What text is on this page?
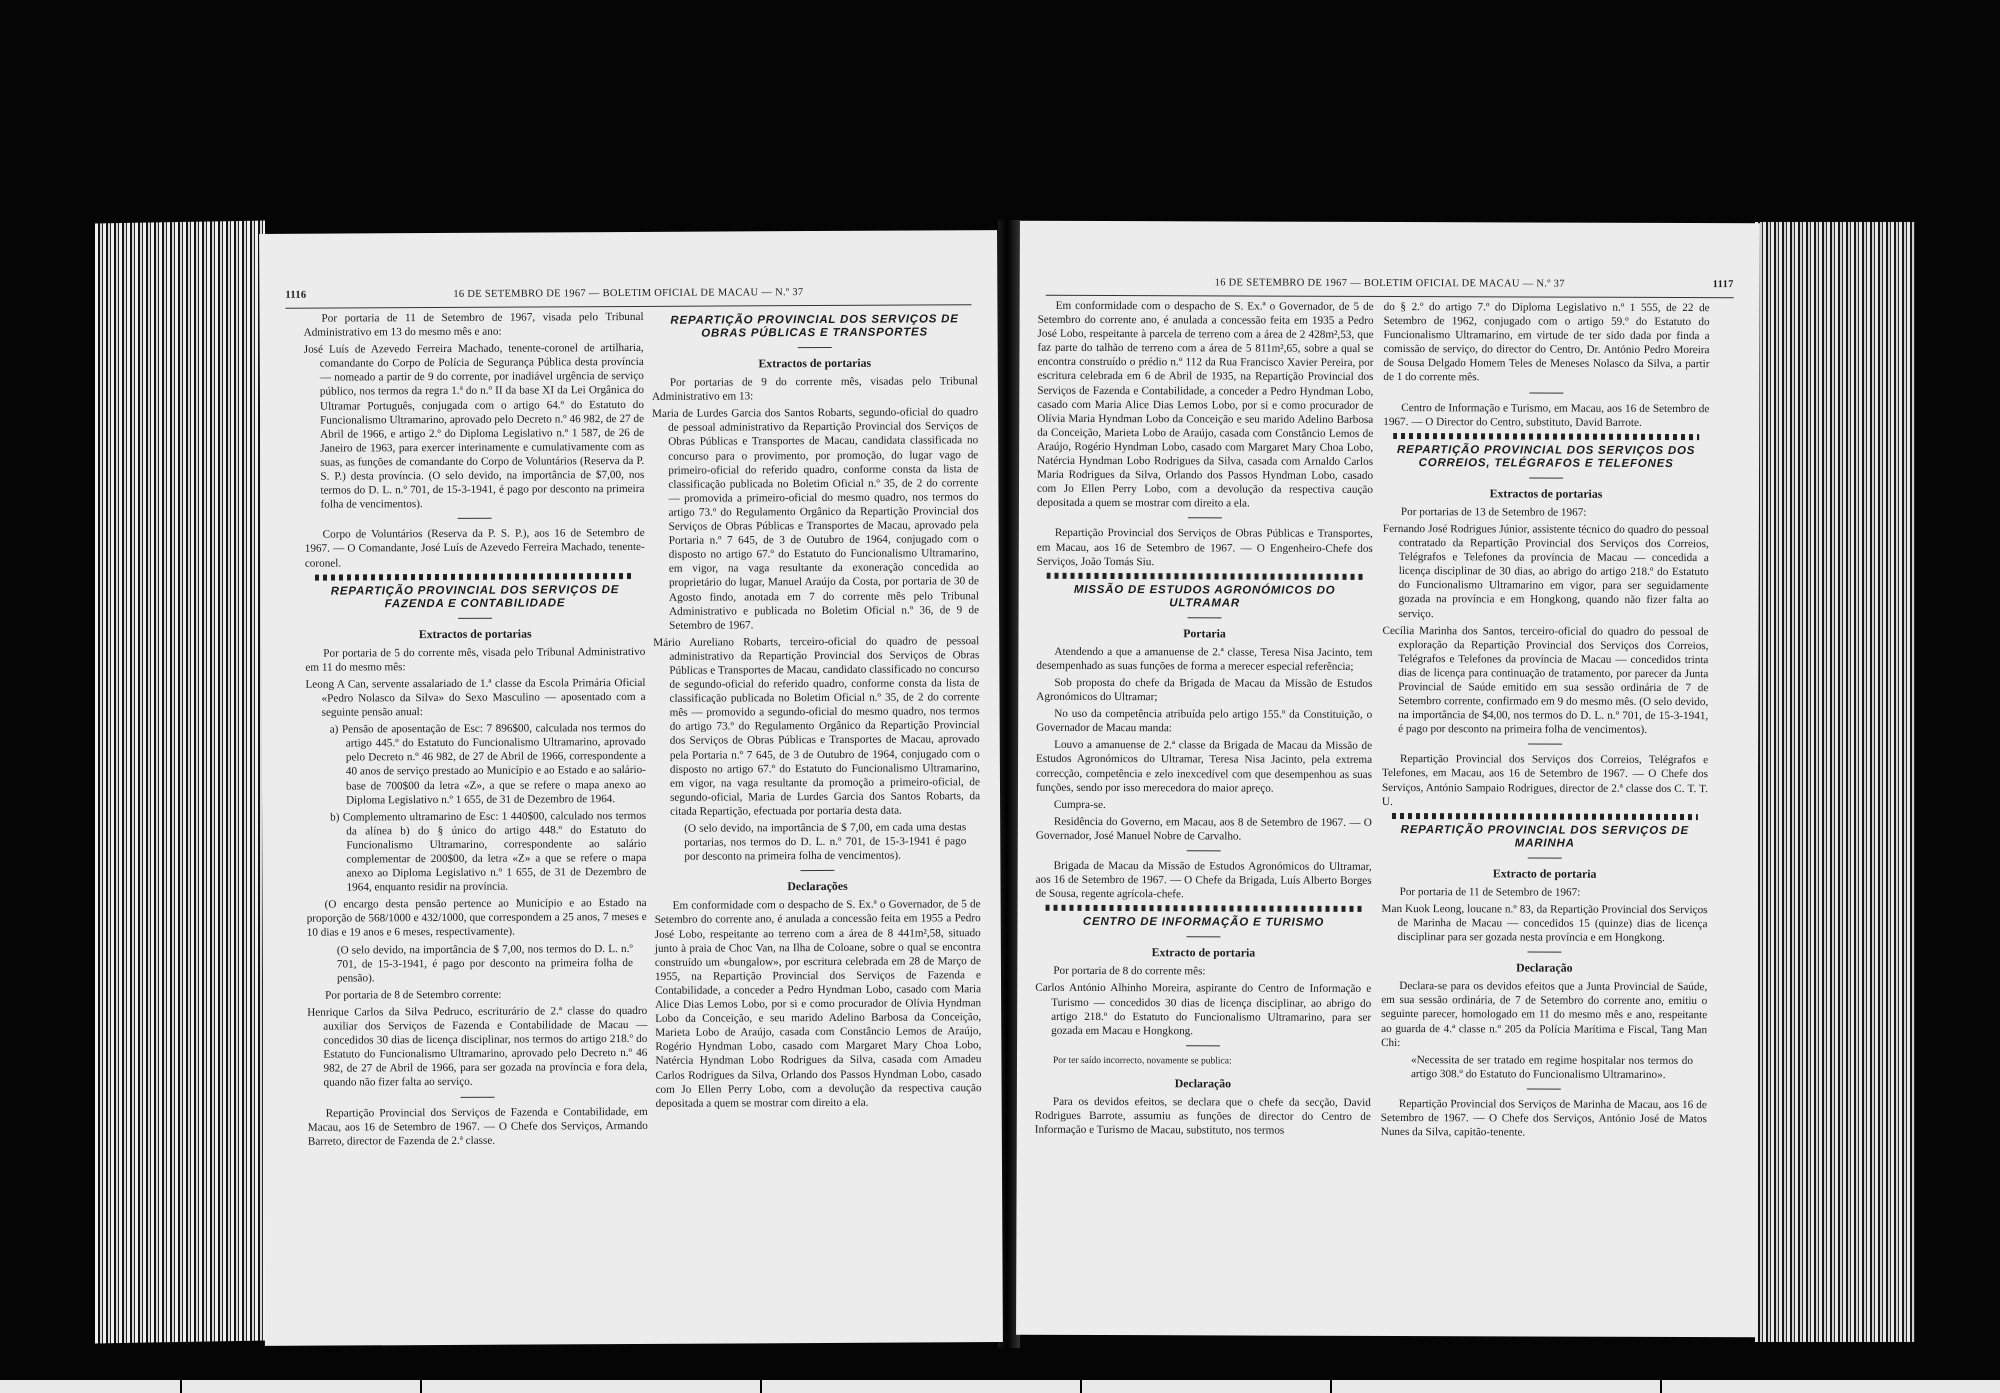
1116	16 DE SETEMBRO DE 1967 — BOLETIM OFICIAL DE MACAU — N.º 37

Por portaria de 11 de Setembro de 1967, visada pelo Tribunal Administrativo em 13 do mesmo mês e ano:

José Luís de Azevedo Ferreira Machado, tenente-coronel de artilharia, comandante do Corpo de Polícia de Segurança Pública desta província — nomeado a partir de 9 do corrente, por inadiável urgência de serviço público, nos termos da regra 1.ª do n.º II da base XI da Lei Orgânica do Ultramar Português, conjugada com o artigo 64.º do Estatuto do Funcionalismo Ultramarino, aprovado pelo Decreto n.º 46 982, de 27 de Abril de 1966, e artigo 2.º do Diploma Legislativo n.º 1 587, de 26 de Janeiro de 1963, para exercer interinamente e cumulativamente com as suas, as funções de comandante do Corpo de Voluntários (Reserva da P. S. P.) desta província. (O selo devido, na importância de $7,00, nos termos do D. L. n.º 701, de 15-3-1941, é pago por desconto na primeira folha de vencimentos).

Corpo de Voluntários (Reserva da P. S. P.), aos 16 de Setembro de 1967. — O Comandante, José Luís de Azevedo Ferreira Machado, tenente-coronel.

REPARTIÇÃO PROVINCIAL DOS SERVIÇOS DE FAZENDA E CONTABILIDADE
Extractos de portarias

Por portaria de 5 do corrente mês, visada pelo Tribunal Administrativo em 11 do mesmo mês:

Leong A Can, servente assalariado de 1.ª classe da Escola Primária Oficial «Pedro Nolasco da Silva» do Sexo Masculino — aposentado com a seguinte pensão anual:

a) Pensão de aposentação de Esc: 7 896$00, calculada nos termos do artigo 445.º do Estatuto do Funcionalismo Ultramarino, aprovado pelo Decreto n.º 46 982, de 27 de Abril de 1966, correspondente a 40 anos de serviço prestado ao Município e ao Estado e ao salário-base de 700$00 da letra «Z», a que se refere o mapa anexo ao Diploma Legislativo n.º 1 655, de 31 de Dezembro de 1964.

b) Complemento ultramarino de Esc: 1 440$00, calculado nos termos da alínea b) do § único do artigo 448.º do Estatuto do Funcionalismo Ultramarino, correspondente ao salário complementar de 200$00, da letra «Z» a que se refere o mapa anexo ao Diploma Legislativo n.º 1 655, de 31 de Dezembro de 1964, enquanto residir na província.

(O encargo desta pensão pertence ao Município e ao Estado na proporção de 568/1000 e 432/1000, que correspondem a 25 anos, 7 meses e 10 dias e 19 anos e 6 meses, respectivamente).

(O selo devido, na importância de $ 7,00, nos termos do D. L. n.º 701, de 15-3-1941, é pago por desconto na primeira folha de pensão).

Por portaria de 8 de Setembro corrente:

Henrique Carlos da Silva Pedruco, escriturário de 2.ª classe do quadro auxiliar dos Serviços de Fazenda e Contabilidade de Macau — concedidos 30 dias de licença disciplinar, nos termos do artigo 218.º do Estatuto do Funcionalismo Ultramarino, aprovado pelo Decreto n.º 46 982, de 27 de Abril de 1966, para ser gozada na província e fora dela, quando não fizer falta ao serviço.

Repartição Provincial dos Serviços de Fazenda e Contabilidade, em Macau, aos 16 de Setembro de 1967. — O Chefe dos Serviços, Armando Barreto, director de Fazenda de 2.ª classe.

REPARTIÇÃO PROVINCIAL DOS SERVIÇOS DE OBRAS PÚBLICAS E TRANSPORTES
Extractos de portarias

Por portarias de 9 do corrente mês, visadas pelo Tribunal Administrativo em 13:

Maria de Lurdes Garcia dos Santos Robarts, segundo-oficial do quadro de pessoal administrativo da Repartição Provincial dos Serviços de Obras Públicas e Transportes de Macau, candidata classificada no concurso para o provimento, por promoção, do lugar vago de primeiro-oficial do referido quadro, conforme consta da lista de classificação publicada no Boletim Oficial n.º 35, de 2 do corrente — promovida a primeiro-oficial do mesmo quadro, nos termos do artigo 73.º do Regulamento Orgânico da Repartição Provincial dos Serviços de Obras Públicas e Transportes de Macau, aprovado pela Portaria n.º 7 645, de 3 de Outubro de 1964, conjugado com o disposto no artigo 67.º do Estatuto do Funcionalismo Ultramarino, em vigor, na vaga resultante da exoneração concedida ao proprietário do lugar, Manuel Araújo da Costa, por portaria de 30 de Agosto findo, anotada em 7 do corrente mês pelo Tribunal Administrativo e publicada no Boletim Oficial n.º 36, de 9 de Setembro de 1967.

Mário Aureliano Robarts, terceiro-oficial do quadro de pessoal administrativo da Repartição Provincial dos Serviços de Obras Públicas e Transportes de Macau, candidato classificado no concurso de segundo-oficial do referido quadro, conforme consta da lista de classificação publicada no Boletim Oficial n.º 35, de 2 do corrente mês — promovido a segundo-oficial do mesmo quadro, nos termos do artigo 73.º do Regulamento Orgânico da Repartição Provincial dos Serviços de Obras Públicas e Transportes de Macau, aprovado pela Portaria n.º 7 645, de 3 de Outubro de 1964, conjugado com o disposto no artigo 67.º do Estatuto do Funcionalismo Ultramarino, em vigor, na vaga resultante da promoção a primeiro-oficial, de segundo-oficial, Maria de Lurdes Garcia dos Santos Robarts, da citada Repartição, efectuada por portaria desta data.

(O selo devido, na importância de $ 7,00, em cada uma destas portarias, nos termos do D. L. n.º 701, de 15-3-1941 é pago por desconto na primeira folha de vencimentos).

Declarações

Em conformidade com o despacho de S. Ex.ª o Governador, de 5 de Setembro do corrente ano, é anulada a concessão feita em 1955 a Pedro José Lobo, respeitante ao terreno com a área de 8 441m²,58, situado junto à praia de Choc Van, na Ilha de Coloane, sobre o qual se encontra construído um «bungalow», por escritura celebrada em 28 de Março de 1955, na Repartição Provincial dos Serviços de Fazenda e Contabilidade, a conceder a Pedro Hyndman Lobo, casado com Maria Alice Dias Lemos Lobo, por si e como procurador de Olívia Hyndman Lobo da Conceição, e seu marido Adelino Barbosa da Conceição, Marieta Lobo de Araújo, casada com Constâncio Lemos de Araújo, Rogério Hyndman Lobo, casado com Margaret Mary Choa Lobo, Natércia Hyndman Lobo Rodrigues da Silva, casada com Amadeu Carlos Rodrigues da Silva, Orlando dos Passos Hyndman Lobo, casado com Jo Ellen Perry Lobo, com a devolução da respectiva caução depositada a quem se mostrar com direito a ela.

16 DE SETEMBRO DE 1967 — BOLETIM OFICIAL DE MACAU — N.º 37	1117

Em conformidade com o despacho de S. Ex.ª o Governador, de 5 de Setembro do corrente ano, é anulada a concessão feita em 1935 a Pedro José Lobo, respeitante à parcela de terreno com a área de 2 428m²,53, que faz parte do talhão de terreno com a área de 5 811m²,65, sobre a qual se encontra construído o prédio n.º 112 da Rua Francisco Xavier Pereira, por escritura celebrada em 6 de Abril de 1935, na Repartição Provincial dos Serviços de Fazenda e Contabilidade, a conceder a Pedro Hyndman Lobo, casado com Maria Alice Dias Lemos Lobo, por si e como procurador de Olívia Maria Hyndman Lobo da Conceição e seu marido Adelino Barbosa da Conceição, Marieta Lobo de Araújo, casada com Constâncio Lemos de Araújo, Rogério Hyndman Lobo, casado com Margaret Mary Choa Lobo, Natércia Hyndman Lobo Rodrigues da Silva, casada com Arnaldo Carlos Maria Rodrigues da Silva, Orlando dos Passos Hyndman Lobo, casado com Jo Ellen Perry Lobo, com a devolução da respectiva caução depositada a quem se mostrar com direito a ela.

Repartição Provincial dos Serviços de Obras Públicas e Transportes, em Macau, aos 16 de Setembro de 1967. — O Engenheiro-Chefe dos Serviços, João Tomás Siu.

MISSÃO DE ESTUDOS AGRONÓMICOS DO ULTRAMAR
Portaria

Atendendo a que a amanuense de 2.ª classe, Teresa Nisa Jacinto, tem desempenhado as suas funções de forma a merecer especial referência;

Sob proposta do chefe da Brigada de Macau da Missão de Estudos Agronómicos do Ultramar;

No uso da competência atribuída pelo artigo 155.º da Constituição, o Governador de Macau manda:

Louvo a amanuense de 2.ª classe da Brigada de Macau da Missão de Estudos Agronómicos do Ultramar, Teresa Nisa Jacinto, pela extrema correcção, competência e zelo inexcedível com que desempenhou as suas funções, sendo por isso merecedora do maior apreço.

Cumpra-se.

Residência do Governo, em Macau, aos 8 de Setembro de 1967. — O Governador, José Manuel Nobre de Carvalho.

Brigada de Macau da Missão de Estudos Agronómicos do Ultramar, aos 16 de Setembro de 1967. — O Chefe da Brigada, Luís Alberto Borges de Sousa, regente agrícola-chefe.

CENTRO DE INFORMAÇÃO E TURISMO
Extracto de portaria

Por portaria de 8 do corrente mês:

Carlos António Alhinho Moreira, aspirante do Centro de Informação e Turismo — concedidos 30 dias de licença disciplinar, ao abrigo do artigo 218.º do Estatuto do Funcionalismo Ultramarino, para ser gozada em Macau e Hongkong.

Por ter saído incorrecto, novamente se publica:

Declaração

Para os devidos efeitos, se declara que o chefe da secção, David Rodrigues Barrote, assumiu as funções de director do Centro de Informação e Turismo de Macau, substituto, nos termos

do § 2.º do artigo 7.º do Diploma Legislativo n.º 1 555, de 22 de Setembro de 1962, conjugado com o artigo 59.º do Estatuto do Funcionalismo Ultramarino, em virtude de ter sido dada por finda a comissão de serviço, do director do Centro, Dr. António Pedro Moreira de Sousa Delgado Homem Teles de Meneses Nolasco da Silva, a partir de 1 do corrente mês.

Centro de Informação e Turismo, em Macau, aos 16 de Setembro de 1967. — O Director do Centro, substituto, David Barrote.

REPARTIÇÃO PROVINCIAL DOS SERVIÇOS DOS CORREIOS, TELÉGRAFOS E TELEFONES
Extractos de portarias

Por portarias de 13 de Setembro de 1967:

Fernando José Rodrigues Júnior, assistente técnico do quadro do pessoal contratado da Repartição Provincial dos Serviços dos Correios, Telégrafos e Telefones da província de Macau — concedida a licença disciplinar de 30 dias, ao abrigo do artigo 218.º do Estatuto do Funcionalismo Ultramarino em vigor, para ser seguidamente gozada na província e em Hongkong, quando não fizer falta ao serviço.

Cecília Marinha dos Santos, terceiro-oficial do quadro do pessoal de exploração da Repartição Provincial dos Serviços dos Correios, Telégrafos e Telefones da província de Macau — concedidos trinta dias de licença para continuação de tratamento, por parecer da Junta Provincial de Saúde emitido em sua sessão ordinária de 7 de Setembro corrente, confirmado em 9 do mesmo mês. (O selo devido, na importância de $4,00, nos termos do D. L. n.º 701, de 15-3-1941, é pago por desconto na primeira folha de vencimentos).

Repartição Provincial dos Serviços dos Correios, Telégrafos e Telefones, em Macau, aos 16 de Setembro de 1967. — O Chefe dos Serviços, António Sampaio Rodrigues, director de 2.ª classe dos C. T. T. U.

REPARTIÇÃO PROVINCIAL DOS SERVIÇOS DE MARINHA
Extracto de portaria

Por portaria de 11 de Setembro de 1967:

Man Kuok Leong, loucane n.º 83, da Repartição Provincial dos Serviços de Marinha de Macau — concedidos 15 (quinze) dias de licença disciplinar para ser gozada nesta província e em Hongkong.

Declaração

Declara-se para os devidos efeitos que a Junta Provincial de Saúde, em sua sessão ordinária, de 7 de Setembro do corrente ano, emitiu o seguinte parecer, homologado em 11 do mesmo mês e ano, respeitante ao guarda de 4.ª classe n.º 205 da Polícia Marítima e Fiscal, Tang Man Chi:

«Necessita de ser tratado em regime hospitalar nos termos do artigo 308.º do Estatuto do Funcionalismo Ultramarino».

Repartição Provincial dos Serviços de Marinha de Macau, aos 16 de Setembro de 1967. — O Chefe dos Serviços, António José de Matos Nunes da Silva, capitão-tenente.
